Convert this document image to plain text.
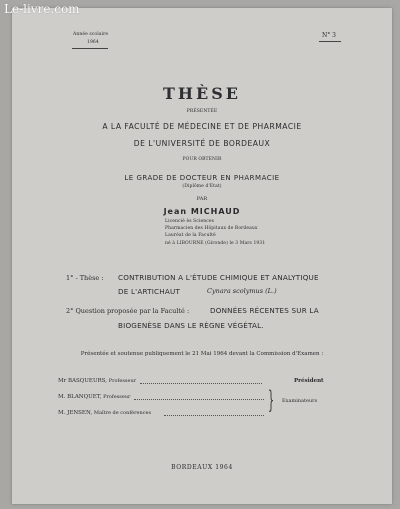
Le-livre.com
Année scolaire
1964
N° 3
THÈSE
PRÉSENTÉE
A LA FACULTÉ DE MÉDECINE ET DE PHARMACIE
DE L'UNIVERSITÉ DE BORDEAUX
POUR OBTENIR
LE GRADE DE DOCTEUR EN PHARMACIE
(Diplôme d'Etat)
PAR
Jean MICHAUD
Licencié ès Sciences
Pharmacien des Hôpitaux de Bordeaux
Lauréat de la Faculté
né à LIBOURNE (Gironde) le 3 Mars 1931
1° - Thèse : CONTRIBUTION A L'ÉTUDE CHIMIQUE ET ANALYTIQUE
DE L'ARTICHAUT	Cynara scolymus (L.)
2° Question proposée par la Faculté :	DONNÉES RÉCENTES SUR LA
BIOGENÈSE DANS LE RÈGNE VÉGÉTAL.
Présentée et soutenue publiquement le 21 Mai 1964 devant la Commission d'Examen :
Mr BASQUEURS, Professeur	Président
M. BLANQUET, Professeur
M. JENSEN, Maître de conférences	} Examinateurs
BORDEAUX 1964
